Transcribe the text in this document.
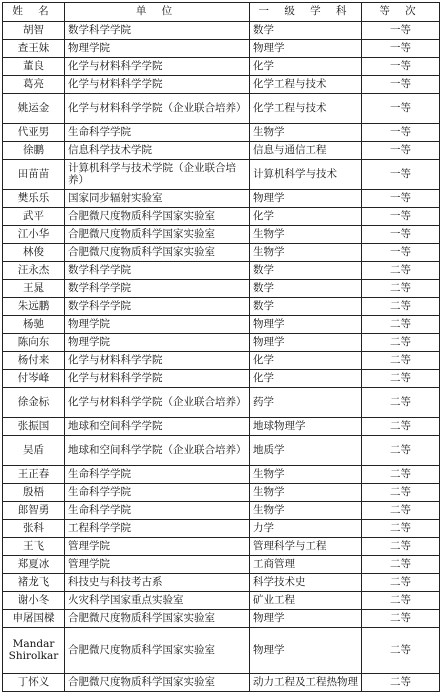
姓 名	单 位	一 级 学 科	等 次
胡智	数学科学学院	数学	一等
查王妹	物理学院	物理学	一等
董良	化学与材料科学学院	化学	一等
葛亮	化学与材料科学学院	化学工程与技术	一等
姚运金	化学与材料科学学院（企业联合培养）	化学工程与技术	一等
代亚男	生命科学学院	生物学	一等
徐鹏	信息科学技术学院	信息与通信工程	一等
田苗苗	计算机科学与技术学院（企业联合培养）	计算机科学与技术	一等
樊乐乐	国家同步辐射实验室	物理学	一等
武平	合肥微尺度物质科学国家实验室	化学	一等
江小华	合肥微尺度物质科学国家实验室	生物学	一等
林俊	合肥微尺度物质科学国家实验室	生物学	一等
汪永杰	数学科学学院	数学	二等
王晁	数学科学学院	数学	二等
朱远鹏	数学科学学院	数学	二等
杨驰	物理学院	物理学	二等
陈向东	物理学院	物理学	二等
杨付来	化学与材料科学学院	化学	二等
付岑峰	化学与材料科学学院	化学	二等
徐金标	化学与材料科学学院（企业联合培养）	药学	二等
张振国	地球和空间科学学院	地球物理学	二等
吴盾	地球和空间科学学院（企业联合培养）	地质学	二等
王正春	生命科学学院	生物学	二等
殷梧	生命科学学院	生物学	二等
郎智勇	生命科学学院	生物学	二等
张科	工程科学学院	力学	二等
王飞	管理学院	管理科学与工程	二等
郑夏冰	管理学院	工商管理	二等
褚龙飞	科技史与科技考古系	科学技术史	二等
谢小冬	火灾科学国家重点实验室	矿业工程	二等
申屠国樑	合肥微尺度物质科学国家实验室	物理学	二等
Mandar Shirolkar	合肥微尺度物质科学国家实验室	物理学	二等
丁怀义	合肥微尺度物质科学国家实验室	动力工程及工程热物理	二等
